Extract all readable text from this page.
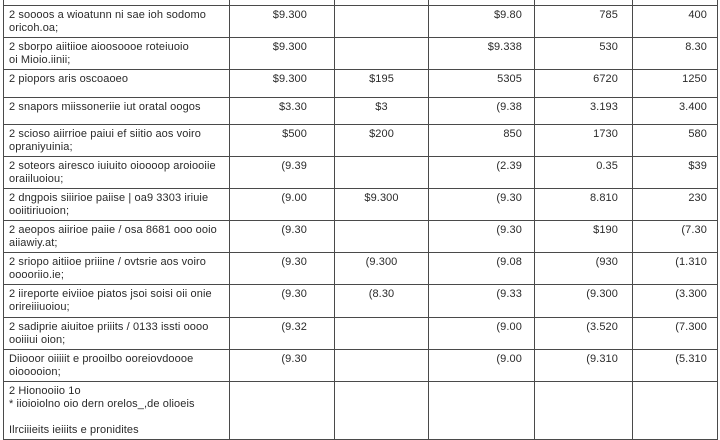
2 soooos a wioatunn ni sae ioh sodomo
oricoh.oa;	$9.300		$9.80	785	400
2 sborpo aiitiioe aioosoooe roteiuoio
oi Mioio.iinii;	$9.300		$9.338	530	8.30
2 piopors aris oscoaoeo	$9.300	$195	5305	6720	1250
2 snapors miissoneriie iut oratal oogos	$3.30	$3	(9.38	3.193	3.400
2 scioso aiirrioe paiui ef siitio aos voiro
opraniyuinia;	$500	$200	850	1730	580
2 soteors airesco iuiuito oioooop aroiooiie
oraiiluoiou;	(9.39		(2.39	0.35	$39
2 dngpois siiirioe paiise | oa9 3303 iriuie
ooiitiriuoion;	(9.00	$9.300	(9.30	8.810	230
2 aeopos aiirioe paiie / osa 8681 ooo ooio
aiiawiy.at;	(9.30		(9.30	$190	(7.30
2 sriopo aitiioe priiine / ovtsrie aos voiro
ooooriio.ie;	(9.30	(9.300	(9.08	(930	(1.310
2 iireporte eiviioe piatos jsoi soisi oii onie
orireiiiuoiou;	(9.30	(8.30	(9.33	(9.300	(3.300
2 sadiprie aiuitoe priiits / 0133 issti oooo
ooiiiui oion;	(9.32		(9.00	(3.520	(7.300
Diiooor oiiiiit e prooilbo ooreiovdoooe
oiooooion;	(9.30		(9.00	(9.310	(5.310

2 Hionooiio 1o
* iioioiolno oio dern orelos_,de olioeis
Ilrciiieits ieiiits e pronidites					
